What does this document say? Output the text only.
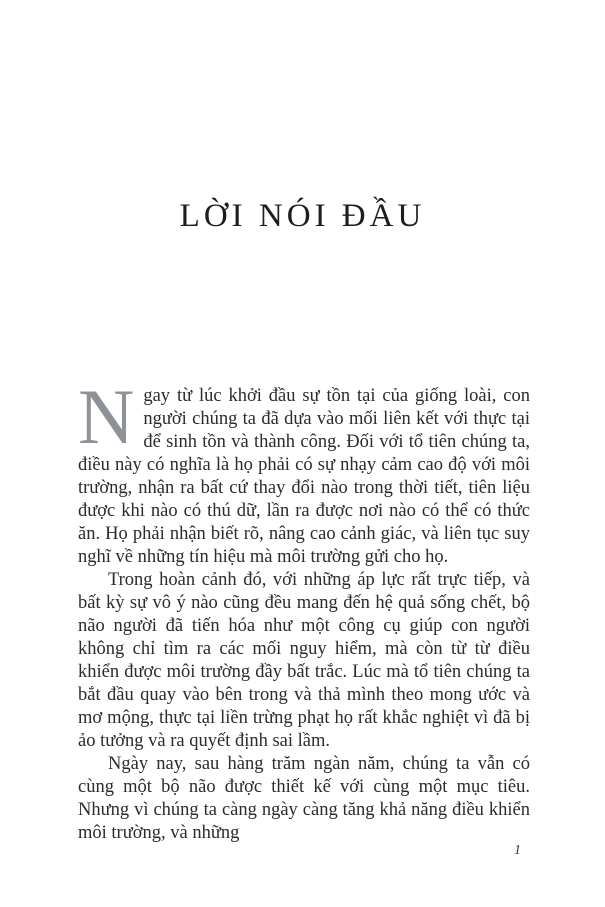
LỜI NÓI ĐẦU

Ngay từ lúc khởi đầu sự tồn tại của giống loài, con người chúng ta đã dựa vào mối liên kết với thực tại để sinh tồn và thành công. Đối với tổ tiên chúng ta, điều này có nghĩa là họ phải có sự nhạy cảm cao độ với môi trường, nhận ra bất cứ thay đổi nào trong thời tiết, tiên liệu được khi nào có thú dữ, lần ra được nơi nào có thể có thức ăn. Họ phải nhận biết rõ, nâng cao cảnh giác, và liên tục suy nghĩ về những tín hiệu mà môi trường gửi cho họ.

Trong hoàn cảnh đó, với những áp lực rất trực tiếp, và bất kỳ sự vô ý nào cũng đều mang đến hệ quả sống chết, bộ não người đã tiến hóa như một công cụ giúp con người không chỉ tìm ra các mối nguy hiểm, mà còn từ từ điều khiển được môi trường đầy bất trắc. Lúc mà tổ tiên chúng ta bắt đầu quay vào bên trong và thả mình theo mong ước và mơ mộng, thực tại liền trừng phạt họ rất khắc nghiệt vì đã bị ảo tưởng và ra quyết định sai lầm.

Ngày nay, sau hàng trăm ngàn năm, chúng ta vẫn có cùng một bộ não được thiết kế với cùng một mục tiêu. Nhưng vì chúng ta càng ngày càng tăng khả năng điều khiển môi trường, và những

1
